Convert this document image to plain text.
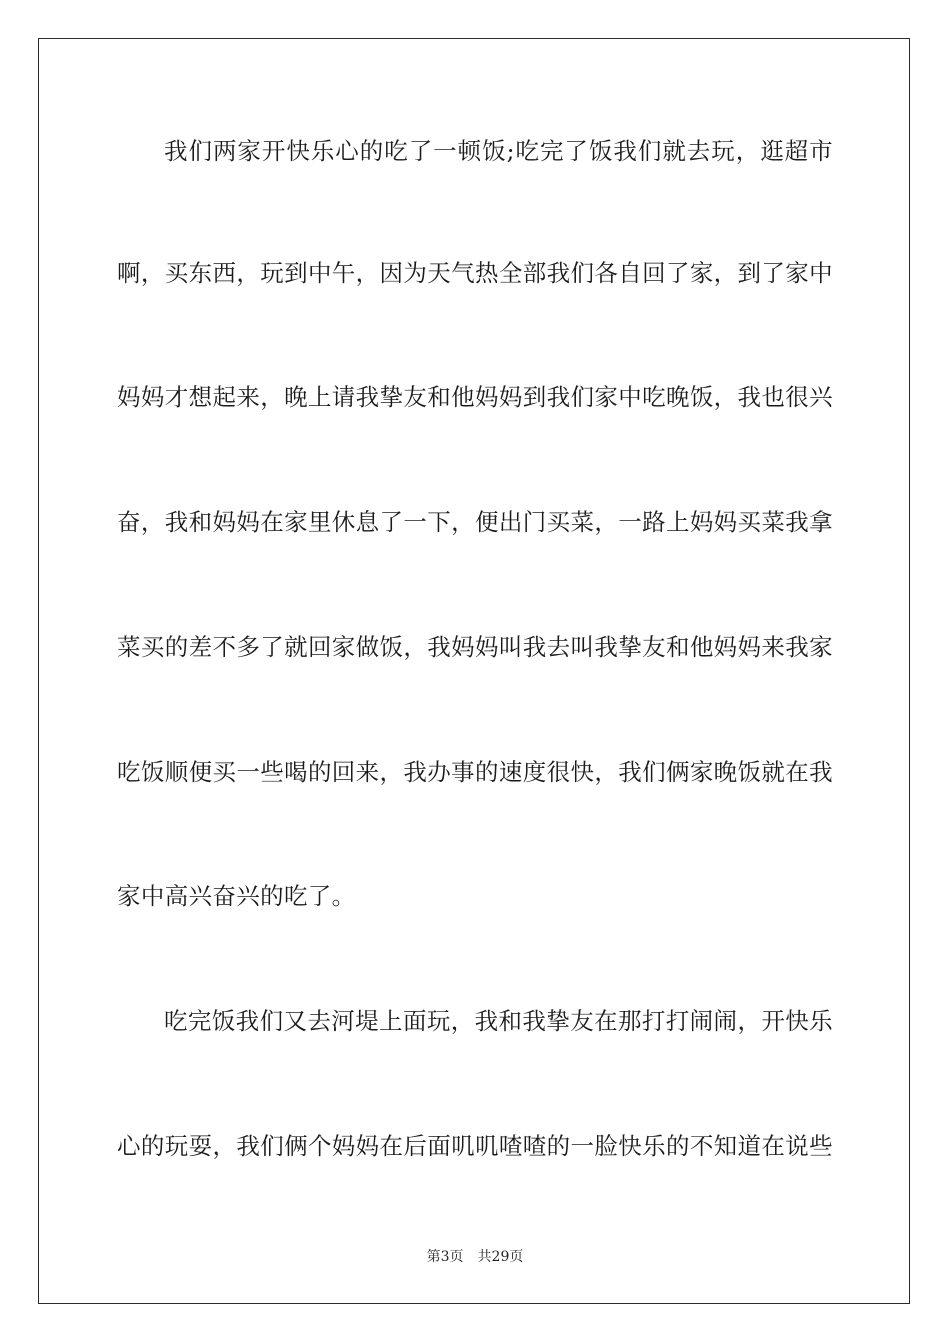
我们两家开快乐心的吃了一顿饭;吃完了饭我们就去玩，逛超市
啊，买东西，玩到中午，因为天气热全部我们各自回了家，到了家中
妈妈才想起来，晚上请我挚友和他妈妈到我们家中吃晚饭，我也很兴
奋，我和妈妈在家里休息了一下，便出门买菜，一路上妈妈买菜我拿
菜买的差不多了就回家做饭，我妈妈叫我去叫我挚友和他妈妈来我家
吃饭顺便买一些喝的回来，我办事的速度很快，我们俩家晚饭就在我
家中高兴奋兴的吃了。
吃完饭我们又去河堤上面玩，我和我挚友在那打打闹闹，开快乐
心的玩耍，我们俩个妈妈在后面叽叽喳喳的一脸快乐的不知道在说些
第3页 共29页
